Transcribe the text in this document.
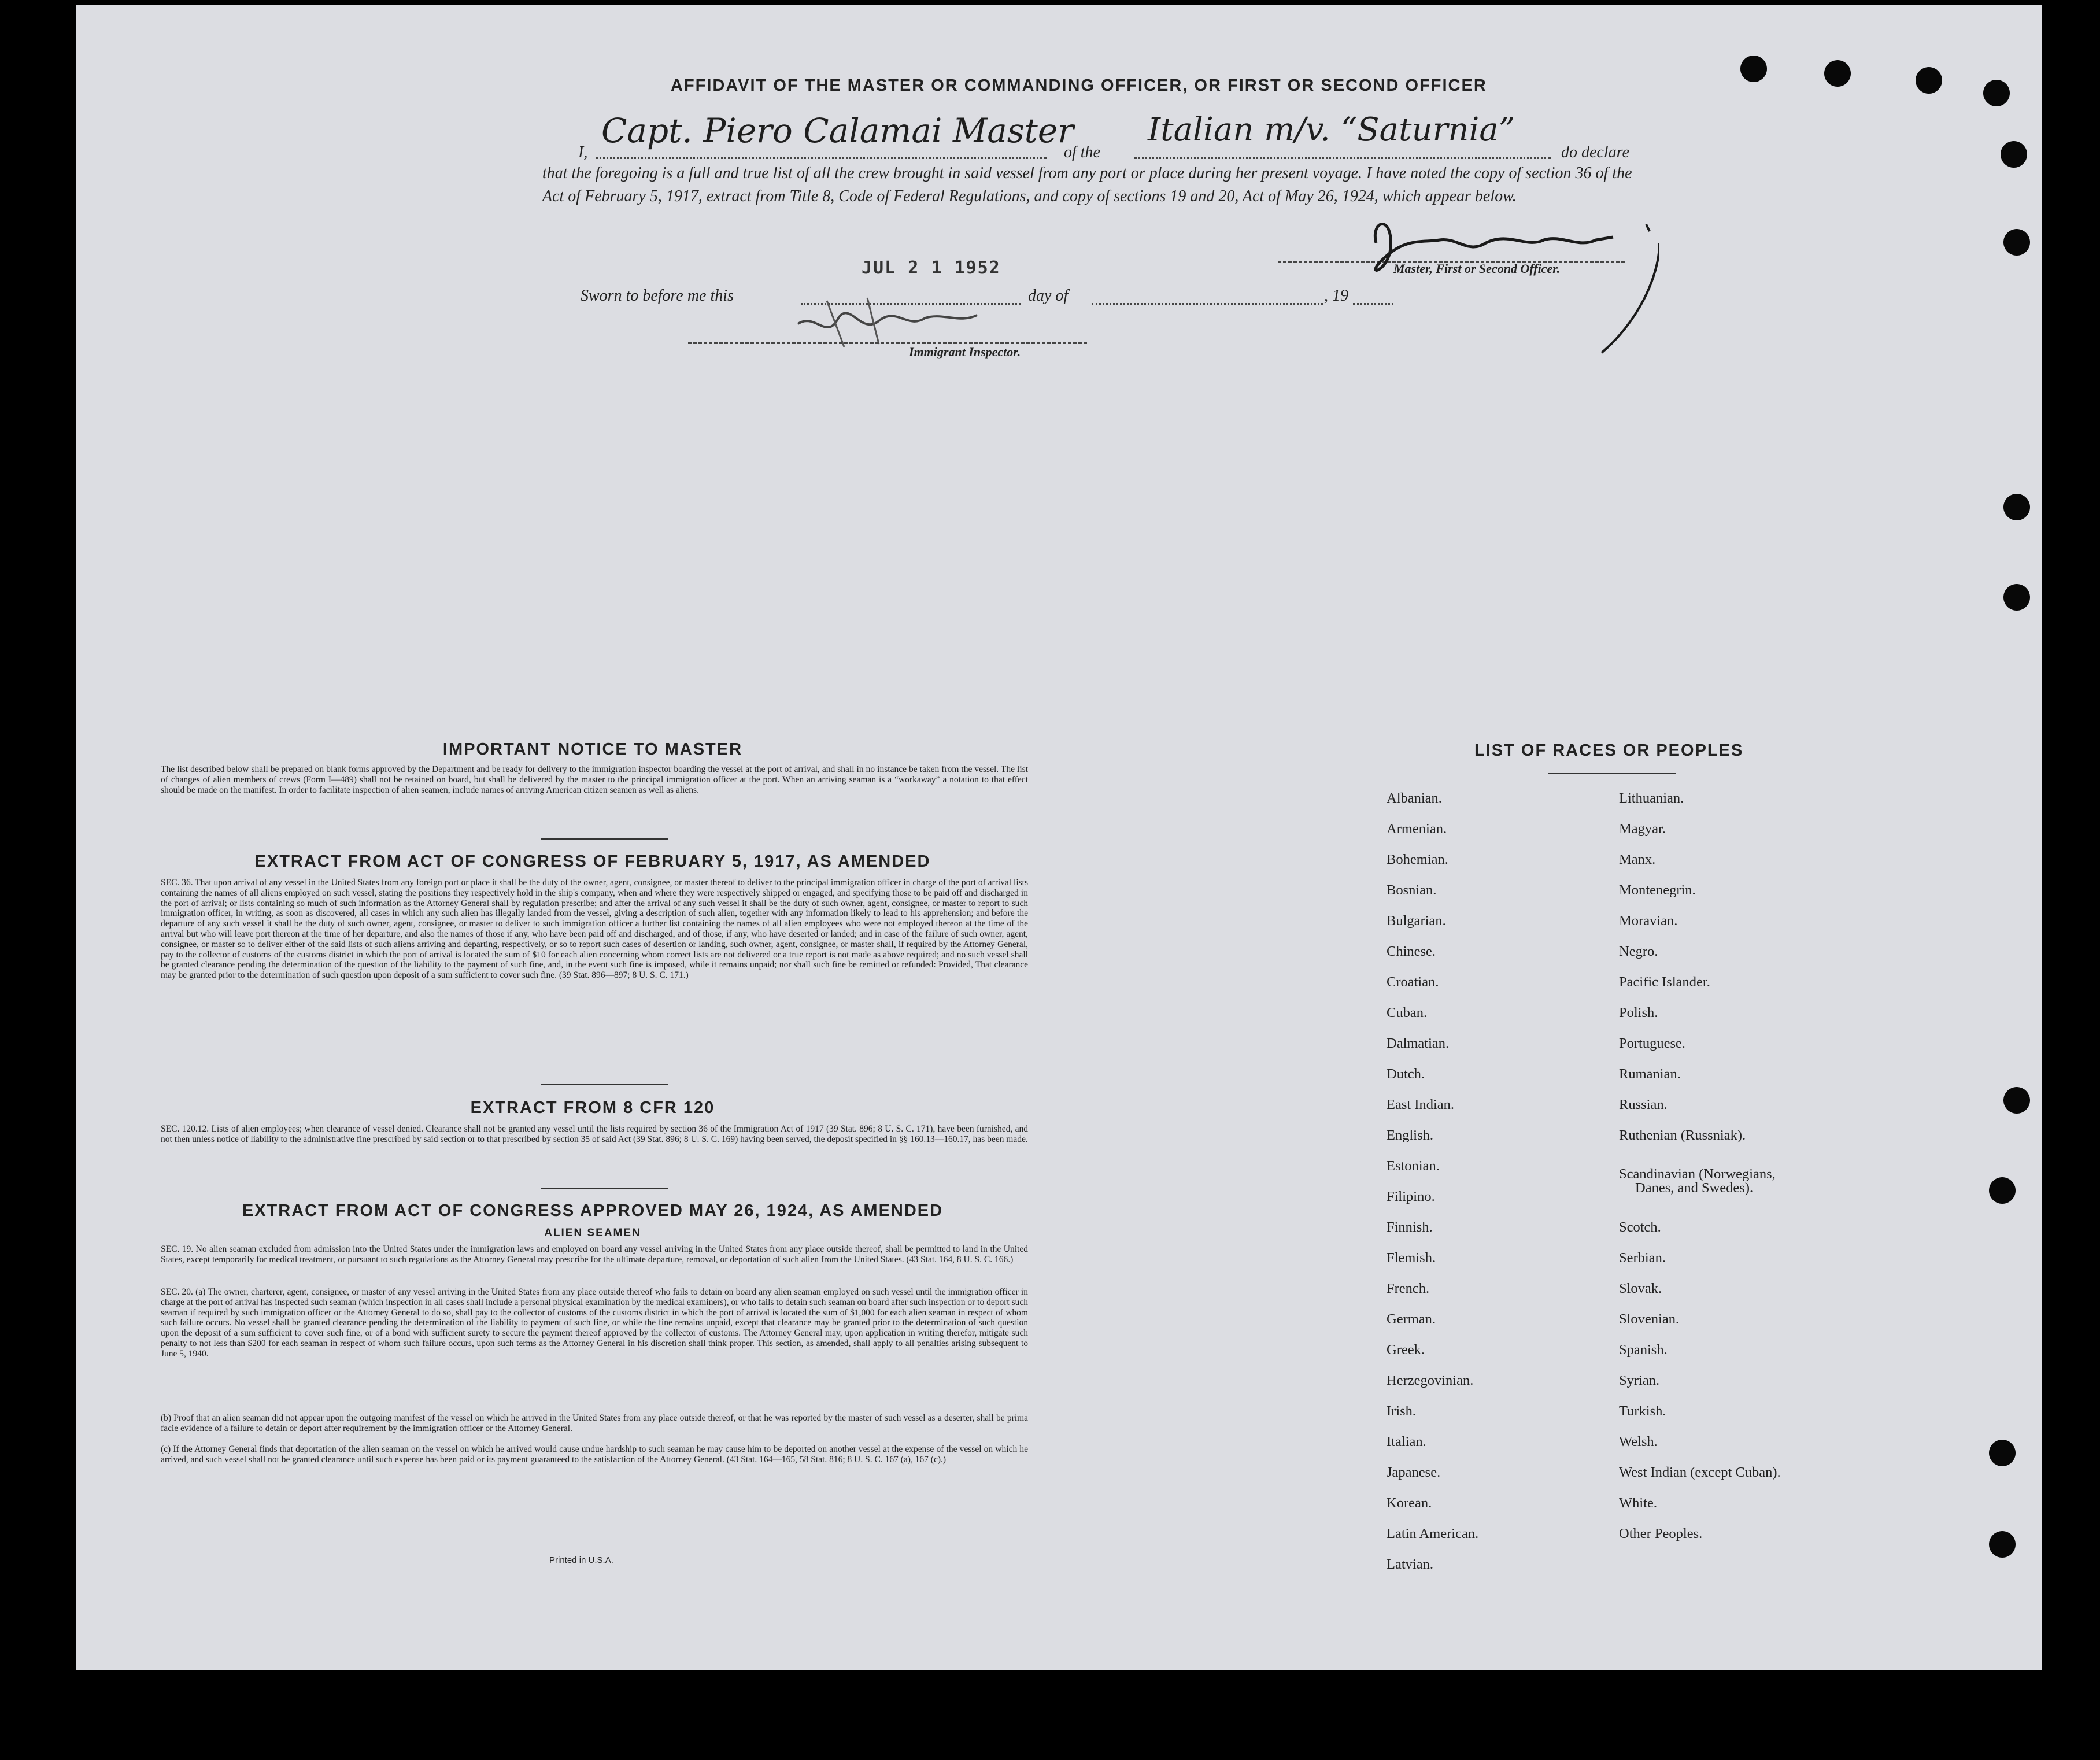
AFFIDAVIT OF THE MASTER OR COMMANDING OFFICER, OR FIRST OR SECOND OFFICER
I,
Capt. Piero Calamai Master
of the
Italian m/v. “Saturnia”
do declare
that the foregoing is a full and true list of all the crew brought in said vessel from any port or place during her present voyage. I have noted the copy of section 36 of the Act of February 5, 1917, extract from Title 8, Code of Federal Regulations, and copy of sections 19 and 20, Act of May 26, 1924, which appear below.
Master, First or Second Officer.
Sworn to before me this
JUL 2 1 1952
day of	, 19
Immigrant Inspector.
IMPORTANT NOTICE TO MASTER
The list described below shall be prepared on blank forms approved by the Department and be ready for delivery to the immigration inspector boarding the vessel at the port of arrival, and shall in no instance be taken from the vessel. The list of changes of alien members of crews (Form I—489) shall not be retained on board, but shall be delivered by the master to the principal immigration officer at the port. When an arriving seaman is a “workaway” a notation to that effect should be made on the manifest. In order to facilitate inspection of alien seamen, include names of arriving American citizen seamen as well as aliens.
EXTRACT FROM ACT OF CONGRESS OF FEBRUARY 5, 1917, AS AMENDED
SEC. 36. That upon arrival of any vessel in the United States from any foreign port or place it shall be the duty of the owner, agent, consignee, or master thereof to deliver to the principal immigration officer in charge of the port of arrival lists containing the names of all aliens employed on such vessel, stating the positions they respectively hold in the ship's company, when and where they were respectively shipped or engaged, and specifying those to be paid off and discharged in the port of arrival; or lists containing so much of such information as the Attorney General shall by regulation prescribe; and after the arrival of any such vessel it shall be the duty of such owner, agent, consignee, or master to report to such immigration officer, in writing, as soon as discovered, all cases in which any such alien has illegally landed from the vessel, giving a description of such alien, together with any information likely to lead to his apprehension; and before the departure of any such vessel it shall be the duty of such owner, agent, consignee, or master to deliver to such immigration officer a further list containing the names of all alien employees who were not employed thereon at the time of the arrival but who will leave port thereon at the time of her departure, and also the names of those if any, who have been paid off and discharged, and of those, if any, who have deserted or landed; and in case of the failure of such owner, agent, consignee, or master so to deliver either of the said lists of such aliens arriving and departing, respectively, or so to report such cases of desertion or landing, such owner, agent, consignee, or master shall, if required by the Attorney General, pay to the collector of customs of the customs district in which the port of arrival is located the sum of $10 for each alien concerning whom correct lists are not delivered or a true report is not made as above required; and no such vessel shall be granted clearance pending the determination of the question of the liability to the payment of such fine, and, in the event such fine is imposed, while it remains unpaid; nor shall such fine be remitted or refunded: Provided, That clearance may be granted prior to the determination of such question upon deposit of a sum sufficient to cover such fine. (39 Stat. 896—897; 8 U. S. C. 171.)
EXTRACT FROM 8 CFR 120
SEC. 120.12. Lists of alien employees; when clearance of vessel denied. Clearance shall not be granted any vessel until the lists required by section 36 of the Immigration Act of 1917 (39 Stat. 896; 8 U. S. C. 171), have been furnished, and not then unless notice of liability to the administrative fine prescribed by said section or to that prescribed by section 35 of said Act (39 Stat. 896; 8 U. S. C. 169) having been served, the deposit specified in §§ 160.13—160.17, has been made.
EXTRACT FROM ACT OF CONGRESS APPROVED MAY 26, 1924, AS AMENDED
ALIEN SEAMEN
SEC. 19. No alien seaman excluded from admission into the United States under the immigration laws and employed on board any vessel arriving in the United States from any place outside thereof, shall be permitted to land in the United States, except temporarily for medical treatment, or pursuant to such regulations as the Attorney General may prescribe for the ultimate departure, removal, or deportation of such alien from the United States. (43 Stat. 164, 8 U. S. C. 166.)
SEC. 20. (a) The owner, charterer, agent, consignee, or master of any vessel arriving in the United States from any place outside thereof who fails to detain on board any alien seaman employed on such vessel until the immigration officer in charge at the port of arrival has inspected such seaman (which inspection in all cases shall include a personal physical examination by the medical examiners), or who fails to detain such seaman on board after such inspection or to deport such seaman if required by such immigration officer or the Attorney General to do so, shall pay to the collector of customs of the customs district in which the port of arrival is located the sum of $1,000 for each alien seaman in respect of whom such failure occurs. No vessel shall be granted clearance pending the determination of the liability to payment of such fine, or while the fine remains unpaid, except that clearance may be granted prior to the determination of such question upon the deposit of a sum sufficient to cover such fine, or of a bond with sufficient surety to secure the payment thereof approved by the collector of customs. The Attorney General may, upon application in writing therefor, mitigate such penalty to not less than $200 for each seaman in respect of whom such failure occurs, upon such terms as the Attorney General in his discretion shall think proper. This section, as amended, shall apply to all penalties arising subsequent to June 5, 1940.
(b) Proof that an alien seaman did not appear upon the outgoing manifest of the vessel on which he arrived in the United States from any place outside thereof, or that he was reported by the master of such vessel as a deserter, shall be prima facie evidence of a failure to detain or deport after requirement by the immigration officer or the Attorney General.
(c) If the Attorney General finds that deportation of the alien seaman on the vessel on which he arrived would cause undue hardship to such seaman he may cause him to be deported on another vessel at the expense of the vessel on which he arrived, and such vessel shall not be granted clearance until such expense has been paid or its payment guaranteed to the satisfaction of the Attorney General. (43 Stat. 164—165, 58 Stat. 816; 8 U. S. C. 167 (a), 167 (c).)
Printed in U.S.A.
LIST OF RACES OR PEOPLES
Albanian.
Armenian.
Bohemian.
Bosnian.
Bulgarian.
Chinese.
Croatian.
Cuban.
Dalmatian.
Dutch.
East Indian.
English.
Estonian.
Filipino.
Finnish.
Flemish.
French.
German.
Greek.
Herzegovinian.
Irish.
Italian.
Japanese.
Korean.
Latin American.
Latvian.
Lithuanian.
Magyar.
Manx.
Montenegrin.
Moravian.
Negro.
Pacific Islander.
Polish.
Portuguese.
Rumanian.
Russian.
Ruthenian (Russniak).
Scandinavian (Norwegians,
Danes, and Swedes).
Scotch.
Serbian.
Slovak.
Slovenian.
Spanish.
Syrian.
Turkish.
Welsh.
West Indian (except Cuban).
White.
Other Peoples.
